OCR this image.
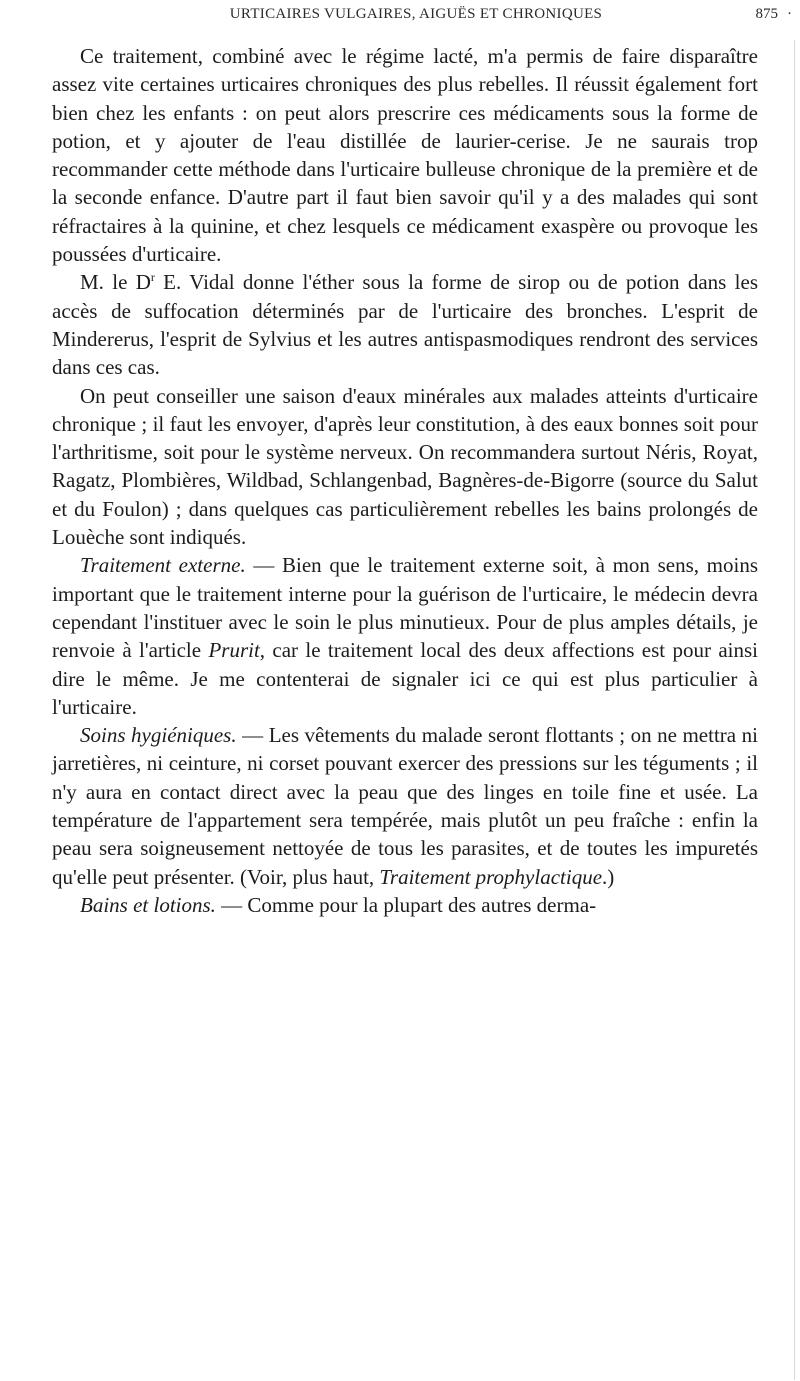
URTICAIRES VULGAIRES, AIGUËS ET CHRONIQUES	875 ·

Ce traitement, combiné avec le régime lacté, m'a permis de faire disparaître assez vite certaines urticaires chroniques des plus rebelles. Il réussit également fort bien chez les enfants : on peut alors prescrire ces médicaments sous la forme de potion, et y ajouter de l'eau distillée de laurier-cerise. Je ne saurais trop recommander cette méthode dans l'urticaire bulleuse chronique de la première et de la seconde enfance. D'autre part il faut bien savoir qu'il y a des malades qui sont réfractaires à la quinine, et chez lesquels ce médicament exaspère ou provoque les poussées d'urticaire.

M. le $D^r$ E. Vidal donne l'éther sous la forme de sirop ou de potion dans les accès de suffocation déterminés par de l'urticaire des bronches. L'esprit de Mindererus, l'esprit de Sylvius et les autres antispasmodiques rendront des services dans ces cas.

On peut conseiller une saison d'eaux minérales aux malades atteints d'urticaire chronique ; il faut les envoyer, d'après leur constitution, à des eaux bonnes soit pour l'arthritisme, soit pour le système nerveux. On recommandera surtout Néris, Royat, Ragatz, Plombières, Wildbad, Schlangenbad, Bagnères-de-Bigorre (source du Salut et du Foulon) ; dans quelques cas particulièrement rebelles les bains prolongés de Louèche sont indiqués.

Traitement externe. — Bien que le traitement externe soit, à mon sens, moins important que le traitement interne pour la guérison de l'urticaire, le médecin devra cependant l'instituer avec le soin le plus minutieux. Pour de plus amples détails, je renvoie à l'article Prurit, car le traitement local des deux affections est pour ainsi dire le même. Je me contenterai de signaler ici ce qui est plus particulier à l'urticaire.

Soins hygiéniques. — Les vêtements du malade seront flottants ; on ne mettra ni jarretières, ni ceinture, ni corset pouvant exercer des pressions sur les téguments ; il n'y aura en contact direct avec la peau que des linges en toile fine et usée. La température de l'appartement sera tempérée, mais plutôt un peu fraîche : enfin la peau sera soigneusement nettoyée de tous les parasites, et de toutes les impuretés qu'elle peut présenter. (Voir, plus haut, Traitement prophylactique.)

Bains et lotions. — Comme pour la plupart des autres derma-
